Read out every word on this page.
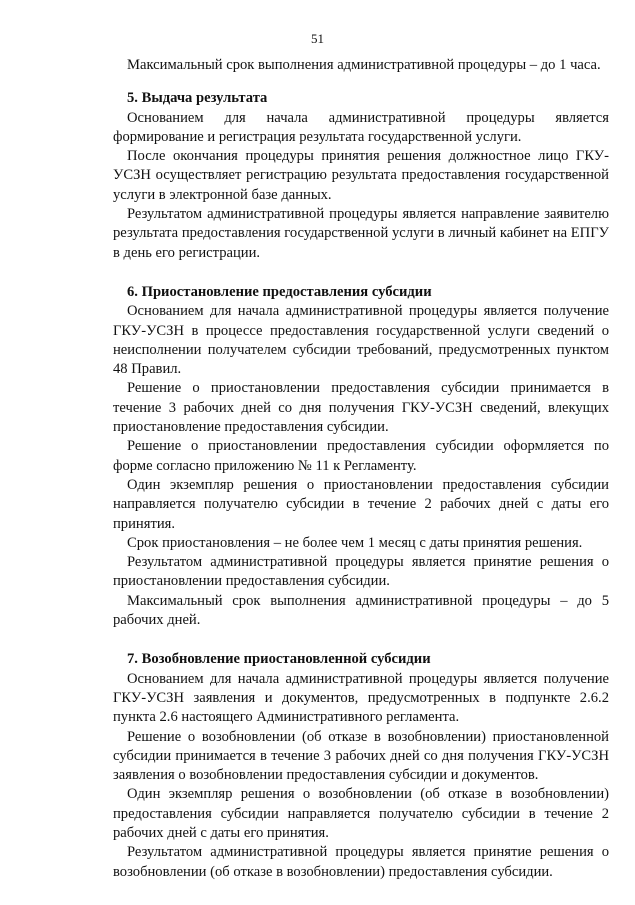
51

Максимальный срок выполнения административной процедуры – до 1 часа.

5. Выдача результата

Основанием для начала административной процедуры является формирование и регистрация результата государственной услуги.

После окончания процедуры принятия решения должностное лицо ГКУ-УСЗН осуществляет регистрацию результата предоставления государственной услуги в электронной базе данных.

Результатом административной процедуры является направление заявителю результата предоставления государственной услуги в личный кабинет на ЕПГУ в день его регистрации.

6. Приостановление предоставления субсидии

Основанием для начала административной процедуры является получение ГКУ-УСЗН в процессе предоставления государственной услуги сведений о неисполнении получателем субсидии требований, предусмотренных пунктом 48 Правил.

Решение о приостановлении предоставления субсидии принимается в течение 3 рабочих дней со дня получения ГКУ-УСЗН сведений, влекущих приостановление предоставления субсидии.

Решение о приостановлении предоставления субсидии оформляется по форме согласно приложению № 11 к Регламенту.

Один экземпляр решения о приостановлении предоставления субсидии направляется получателю субсидии в течение 2 рабочих дней с даты его принятия.

Срок приостановления – не более чем 1 месяц с даты принятия решения.

Результатом административной процедуры является принятие решения о приостановлении предоставления субсидии.

Максимальный срок выполнения административной процедуры – до 5 рабочих дней.

7. Возобновление приостановленной субсидии

Основанием для начала административной процедуры является получение ГКУ-УСЗН заявления и документов, предусмотренных в подпункте 2.6.2 пункта 2.6 настоящего Административного регламента.

Решение о возобновлении (об отказе в возобновлении) приостановленной субсидии принимается в течение 3 рабочих дней со дня получения ГКУ-УСЗН заявления о возобновлении предоставления субсидии и документов.

Один экземпляр решения о возобновлении (об отказе в возобновлении) предоставления субсидии направляется получателю субсидии в течение 2 рабочих дней с даты его принятия.

Результатом административной процедуры является принятие решения о возобновлении (об отказе в возобновлении) предоставления субсидии.
